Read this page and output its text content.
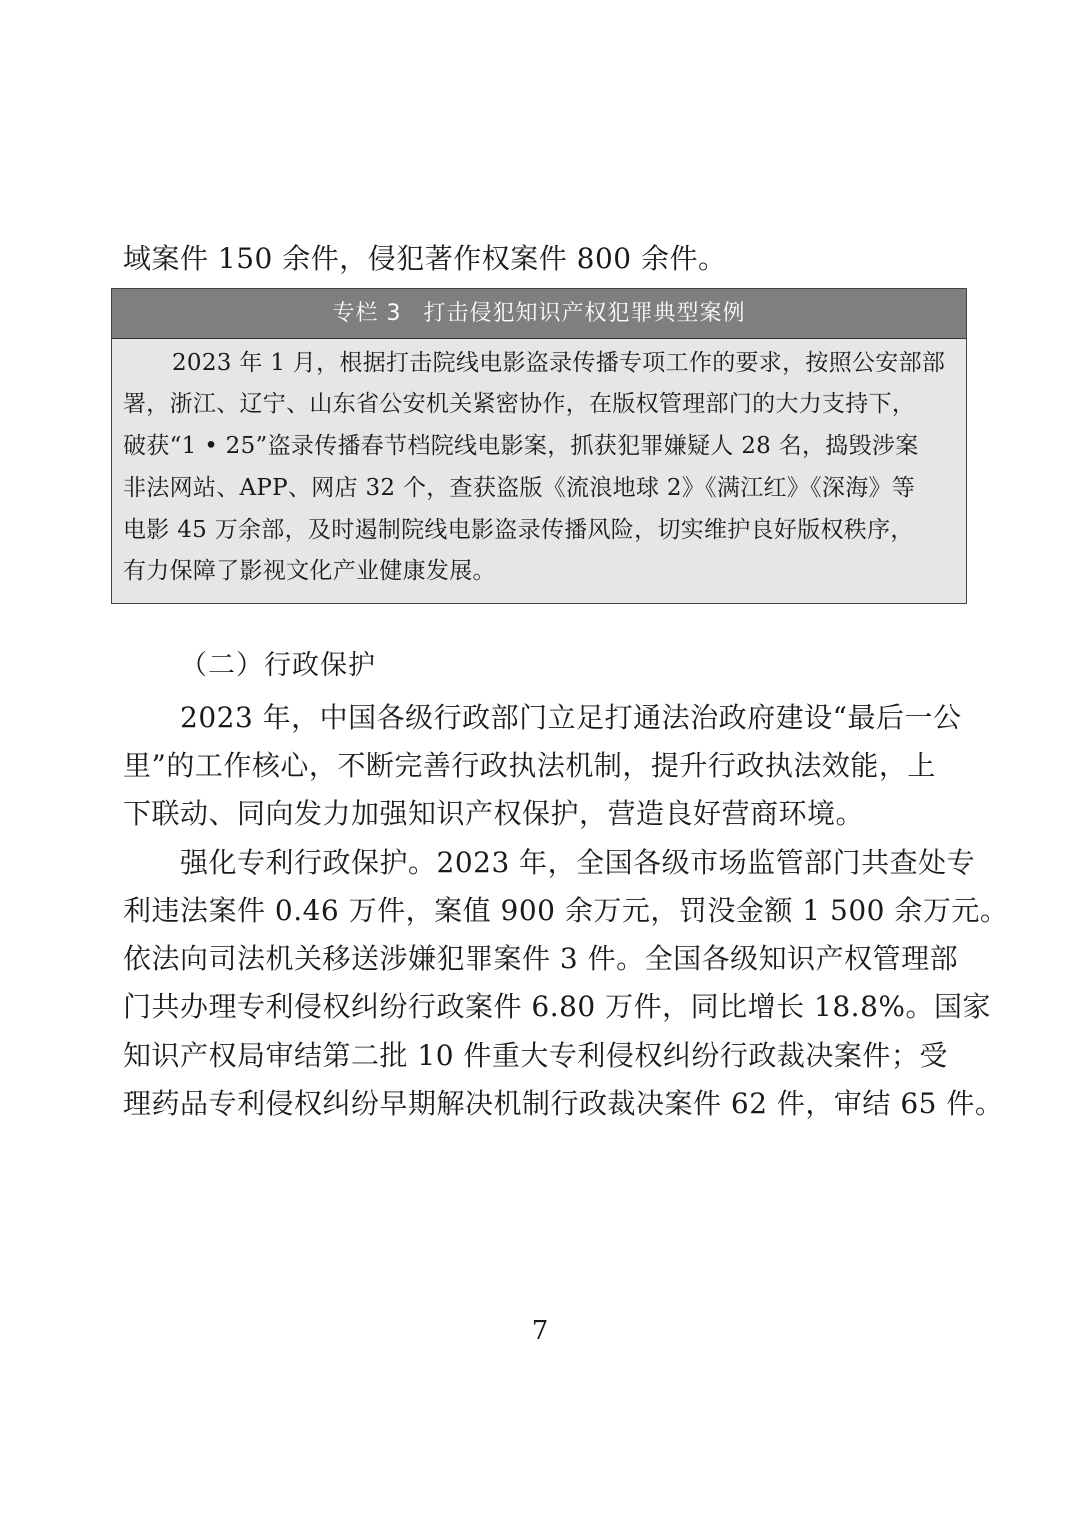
域案件 150 余件，侵犯著作权案件 800 余件。
专栏 3 打击侵犯知识产权犯罪典型案例
2023 年 1 月，根据打击院线电影盗录传播专项工作的要求，按照公安部部
署，浙江、辽宁、山东省公安机关紧密协作，在版权管理部门的大力支持下，
破获“1 • 25”盗录传播春节档院线电影案，抓获犯罪嫌疑人 28 名，捣毁涉案
非法网站、APP、网店 32 个，查获盗版《流浪地球 2》《满江红》《深海》等
电影 45 万余部，及时遏制院线电影盗录传播风险，切实维护良好版权秩序，
有力保障了影视文化产业健康发展。
（二）行政保护
2023 年，中国各级行政部门立足打通法治政府建设“最后一公
里”的工作核心，不断完善行政执法机制，提升行政执法效能，上
下联动、同向发力加强知识产权保护，营造良好营商环境。
强化专利行政保护。2023 年，全国各级市场监管部门共查处专
利违法案件 0.46 万件，案值 900 余万元，罚没金额 1 500 余万元。
依法向司法机关移送涉嫌犯罪案件 3 件。全国各级知识产权管理部
门共办理专利侵权纠纷行政案件 6.80 万件，同比增长 18.8%。国家
知识产权局审结第二批 10 件重大专利侵权纠纷行政裁决案件；受
理药品专利侵权纠纷早期解决机制行政裁决案件 62 件，审结 65 件。
7
